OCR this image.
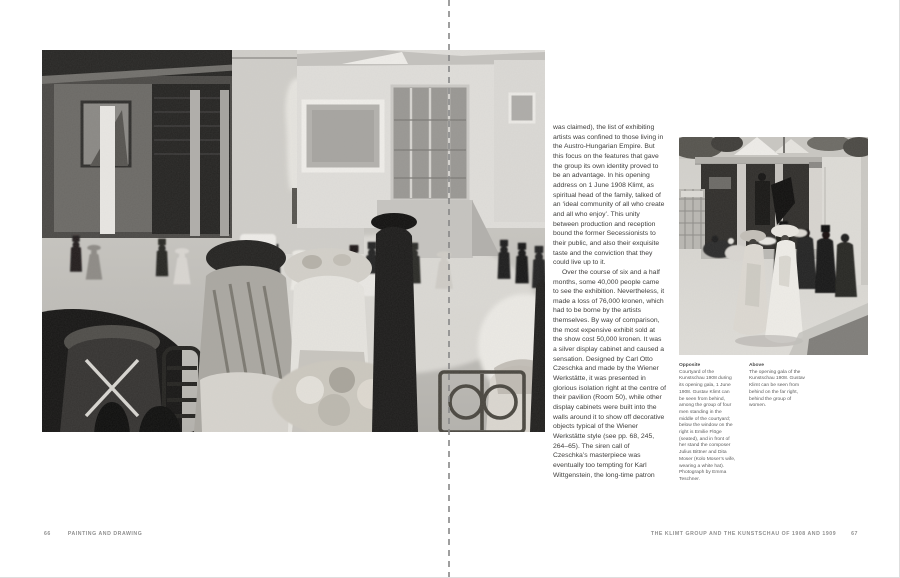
was claimed), the list of exhibiting artists was confined to those living in the Austro-Hungarian Empire. But this focus on the features that gave the group its own identity proved to be an advantage. In his opening address on 1 June 1908 Klimt, as spiritual head of the family, talked of an ‘ideal community of all who create and all who enjoy’. This unity between production and reception bound the former Secessionists to their public, and also their exquisite taste and the conviction that they could live up to it.

Over the course of six and a half months, some 40,000 people came to see the exhibition. Nevertheless, it made a loss of 76,000 kronen, which had to be borne by the artists themselves. By way of comparison, the most expensive exhibit sold at the show cost 50,000 kronen. It was a silver display cabinet and caused a sensation. Designed by Carl Otto Czeschka and made by the Wiener Werkstätte, it was presented in glorious isolation right at the centre of their pavilion (Room 50), while other display cabinets were built into the walls around it to show off decorative objects typical of the Wiener Werkstätte style (see pp. 68, 245, 264–65). The siren call of Czeschka’s masterpiece was eventually too tempting for Karl Wittgenstein, the long-time patron

Opposite
Courtyard of the Kunstschau 1908 during its opening gala, 1 June 1908. Gustav Klimt can be seen from behind, among the group of four men standing in the middle of the courtyard; below the window on the right is Emilie Flöge (seated), and in front of her stand the composer Julius Bittner and Dita Moser (Kolo Moser’s wife, wearing a white hat). Photograph by Emma Teschner.
Above
The opening gala of the Kunstschau 1908. Gustav Klimt can be seen from behind on the far right, behind the group of women.
66	PAINTING AND DRAWING	THE KLIMT GROUP AND THE KUNSTSCHAU OF 1908 AND 1909	67
